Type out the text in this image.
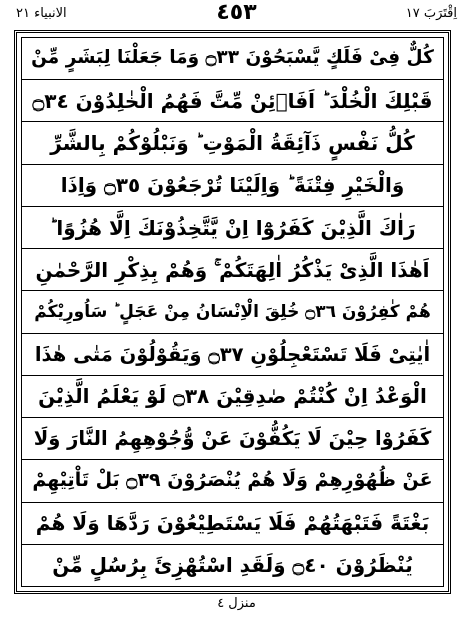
الانبياء ٢١	٤٥٣	اِقْتَرَبَ ١٧
كُلٌّ فِىْ فَلَكٍ يَّسْبَحُوْنَ ۝٣٣ وَمَا جَعَلْنَا لِبَشَرٍ مِّنْ
قَبْلِكَ الْخُلْدَ ؕ اَفَاۡئِنْ مِّتَّ فَهُمُ الْخٰلِدُوْنَ ۝٣٤
كُلُّ نَفْسٍ ذَآئِقَةُ الْمَوْتِ ؕ وَنَبْلُوْكُمْ بِالشَّرِّ
وَالْخَيْرِ فِتْنَةً ؕ وَاِلَيْنَا تُرْجَعُوْنَ ۝٣٥ وَاِذَا
رَاٰكَ الَّذِيْنَ كَفَرُوْٓا اِنْ يَّتَّخِذُوْنَكَ اِلَّا هُزُوًا ؕ
اَهٰذَا الَّذِىْ يَذْكُرُ اٰلِهَتَكُمْ ۚ وَهُمْ بِذِكْرِ الرَّحْمٰنِ
هُمْ كٰفِرُوْنَ ۝٣٦ خُلِقَ الْاِنْسَانُ مِنْ عَجَلٍ ؕ سَاُورِيْكُمْ
اٰيٰتِىْ فَلَا تَسْتَعْجِلُوْنِ ۝٣٧ وَيَقُوْلُوْنَ مَتٰى هٰذَا
الْوَعْدُ اِنْ كُنْتُمْ صٰدِقِيْنَ ۝٣٨ لَوْ يَعْلَمُ الَّذِيْنَ
كَفَرُوْا حِيْنَ لَا يَكُفُّوْنَ عَنْ وُّجُوْهِهِمُ النَّارَ وَلَا
عَنْ ظُهُوْرِهِمْ وَلَا هُمْ يُنْصَرُوْنَ ۝٣٩ بَلْ تَاْتِيْهِمْ
بَغْتَةً فَتَبْهَتُهُمْ فَلَا يَسْتَطِيْعُوْنَ رَدَّهَا وَلَا هُمْ
يُنْظَرُوْنَ ۝٤٠ وَلَقَدِ اسْتُهْزِئَ بِرُسُلٍ مِّنْ
منزل ٤
